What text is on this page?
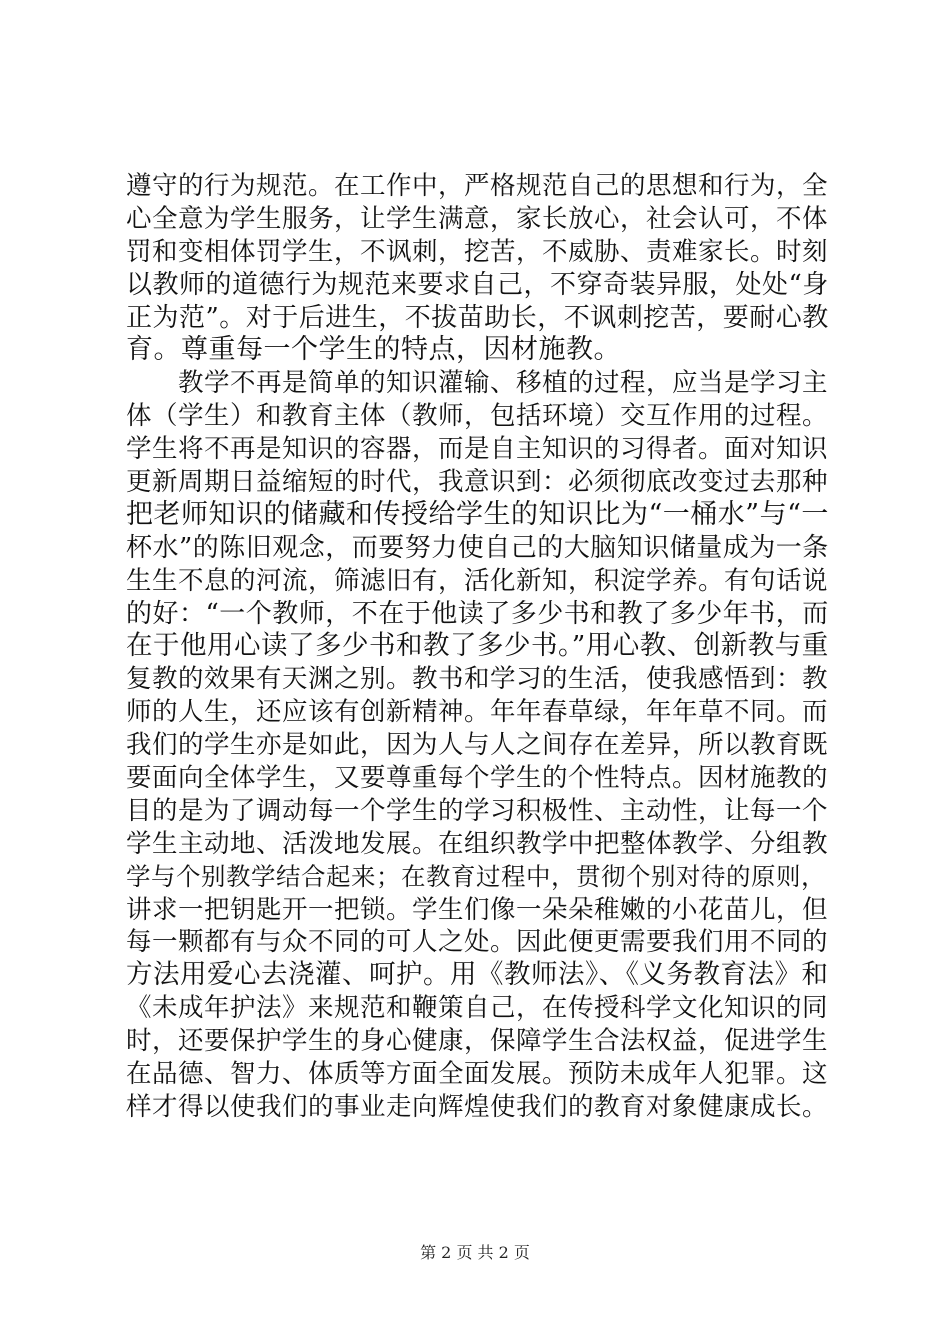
遵守的行为规范。在工作中，严格规范自己的思想和行为，全
心全意为学生服务，让学生满意，家长放心，社会认可，不体
罚和变相体罚学生，不讽刺，挖苦，不威胁、责难家长。时刻
以教师的道德行为规范来要求自己，不穿奇装异服，处处“身
正为范”。对于后进生，不拔苗助长，不讽刺挖苦，要耐心教
育。尊重每一个学生的特点，因材施教。
　　教学不再是简单的知识灌输、移植的过程，应当是学习主
体（学生）和教育主体（教师，包括环境）交互作用的过程。
学生将不再是知识的容器，而是自主知识的习得者。面对知识
更新周期日益缩短的时代，我意识到：必须彻底改变过去那种
把老师知识的储藏和传授给学生的知识比为“一桶水”与“一
杯水”的陈旧观念，而要努力使自己的大脑知识储量成为一条
生生不息的河流，筛滤旧有，活化新知，积淀学养。有句话说
的好：“一个教师，不在于他读了多少书和教了多少年书，而
在于他用心读了多少书和教了多少书。”用心教、创新教与重
复教的效果有天渊之别。教书和学习的生活，使我感悟到：教
师的人生，还应该有创新精神。年年春草绿，年年草不同。而
我们的学生亦是如此，因为人与人之间存在差异，所以教育既
要面向全体学生，又要尊重每个学生的个性特点。因材施教的
目的是为了调动每一个学生的学习积极性、主动性，让每一个
学生主动地、活泼地发展。在组织教学中把整体教学、分组教
学与个别教学结合起来；在教育过程中，贯彻个别对待的原则，
讲求一把钥匙开一把锁。学生们像一朵朵稚嫩的小花苗儿，但
每一颗都有与众不同的可人之处。因此便更需要我们用不同的
方法用爱心去浇灌、呵护。用《教师法》、《义务教育法》和
《未成年护法》来规范和鞭策自己，在传授科学文化知识的同
时，还要保护学生的身心健康，保障学生合法权益，促进学生
在品德、智力、体质等方面全面发展。预防未成年人犯罪。这
样才得以使我们的事业走向辉煌使我们的教育对象健康成长。
第 2 页 共 2 页
